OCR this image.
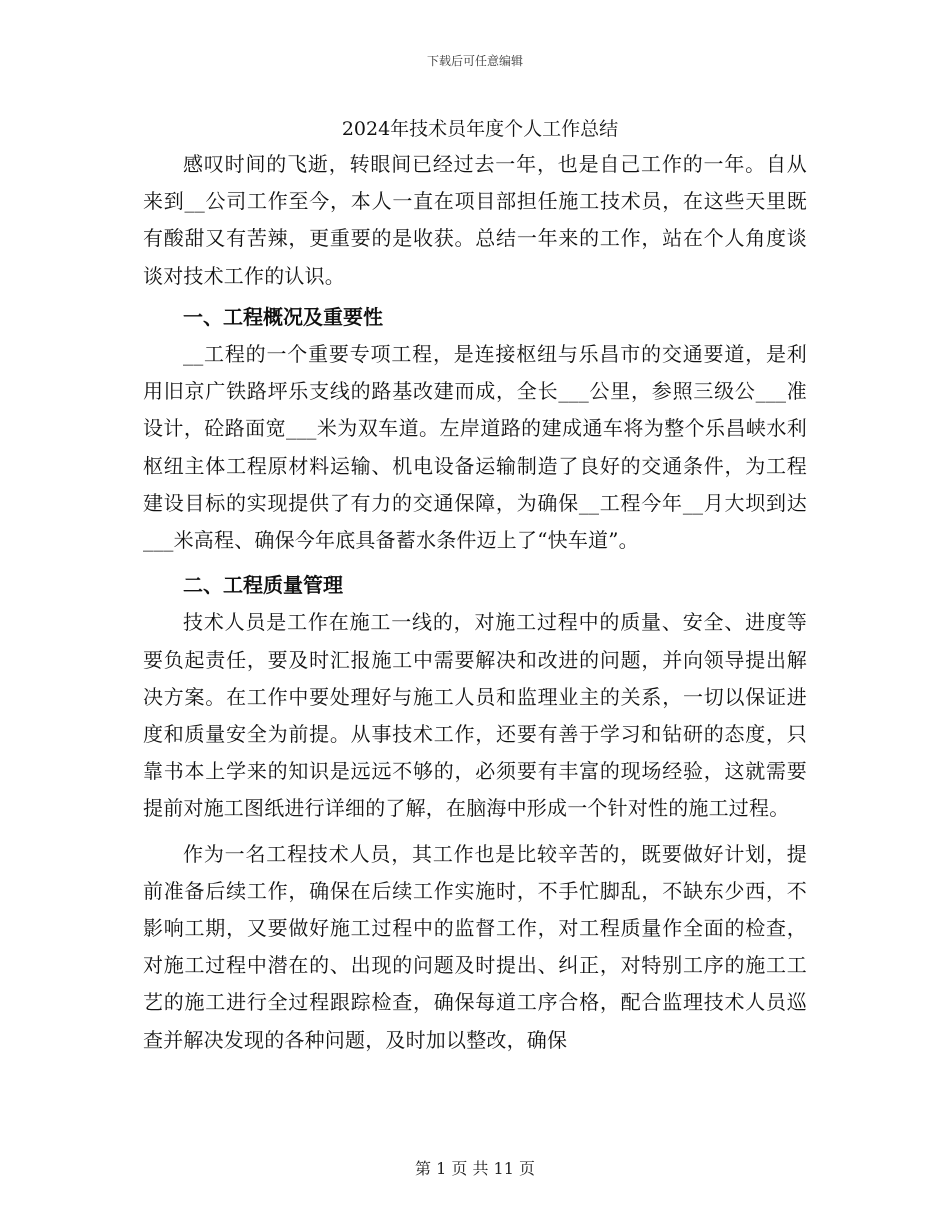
下载后可任意编辑
2024年技术员年度个人工作总结

感叹时间的飞逝，转眼间已经过去一年，也是自己工作的一年。自从来到__公司工作至今，本人一直在项目部担任施工技术员，在这些天里既有酸甜又有苦辣，更重要的是收获。总结一年来的工作，站在个人角度谈谈对技术工作的认识。

一、工程概况及重要性

__工程的一个重要专项工程，是连接枢纽与乐昌市的交通要道，是利用旧京广铁路坪乐支线的路基改建而成，全长___公里，参照三级公___准设计，砼路面宽___米为双车道。左岸道路的建成通车将为整个乐昌峡水利枢纽主体工程原材料运输、机电设备运输制造了良好的交通条件，为工程建设目标的实现提供了有力的交通保障，为确保__工程今年__月大坝到达___米高程、确保今年底具备蓄水条件迈上了“快车道”。

二、工程质量管理

技术人员是工作在施工一线的，对施工过程中的质量、安全、进度等要负起责任，要及时汇报施工中需要解决和改进的问题，并向领导提出解决方案。在工作中要处理好与施工人员和监理业主的关系，一切以保证进度和质量安全为前提。从事技术工作，还要有善于学习和钻研的态度，只靠书本上学来的知识是远远不够的，必须要有丰富的现场经验，这就需要提前对施工图纸进行详细的了解，在脑海中形成一个针对性的施工过程。

作为一名工程技术人员，其工作也是比较辛苦的，既要做好计划，提前准备后续工作，确保在后续工作实施时，不手忙脚乱，不缺东少西，不影响工期，又要做好施工过程中的监督工作，对工程质量作全面的检查，对施工过程中潜在的、出现的问题及时提出、纠正，对特别工序的施工工艺的施工进行全过程跟踪检查，确保每道工序合格，配合监理技术人员巡查并解决发现的各种问题，及时加以整改，确保

第 1 页 共 11 页
